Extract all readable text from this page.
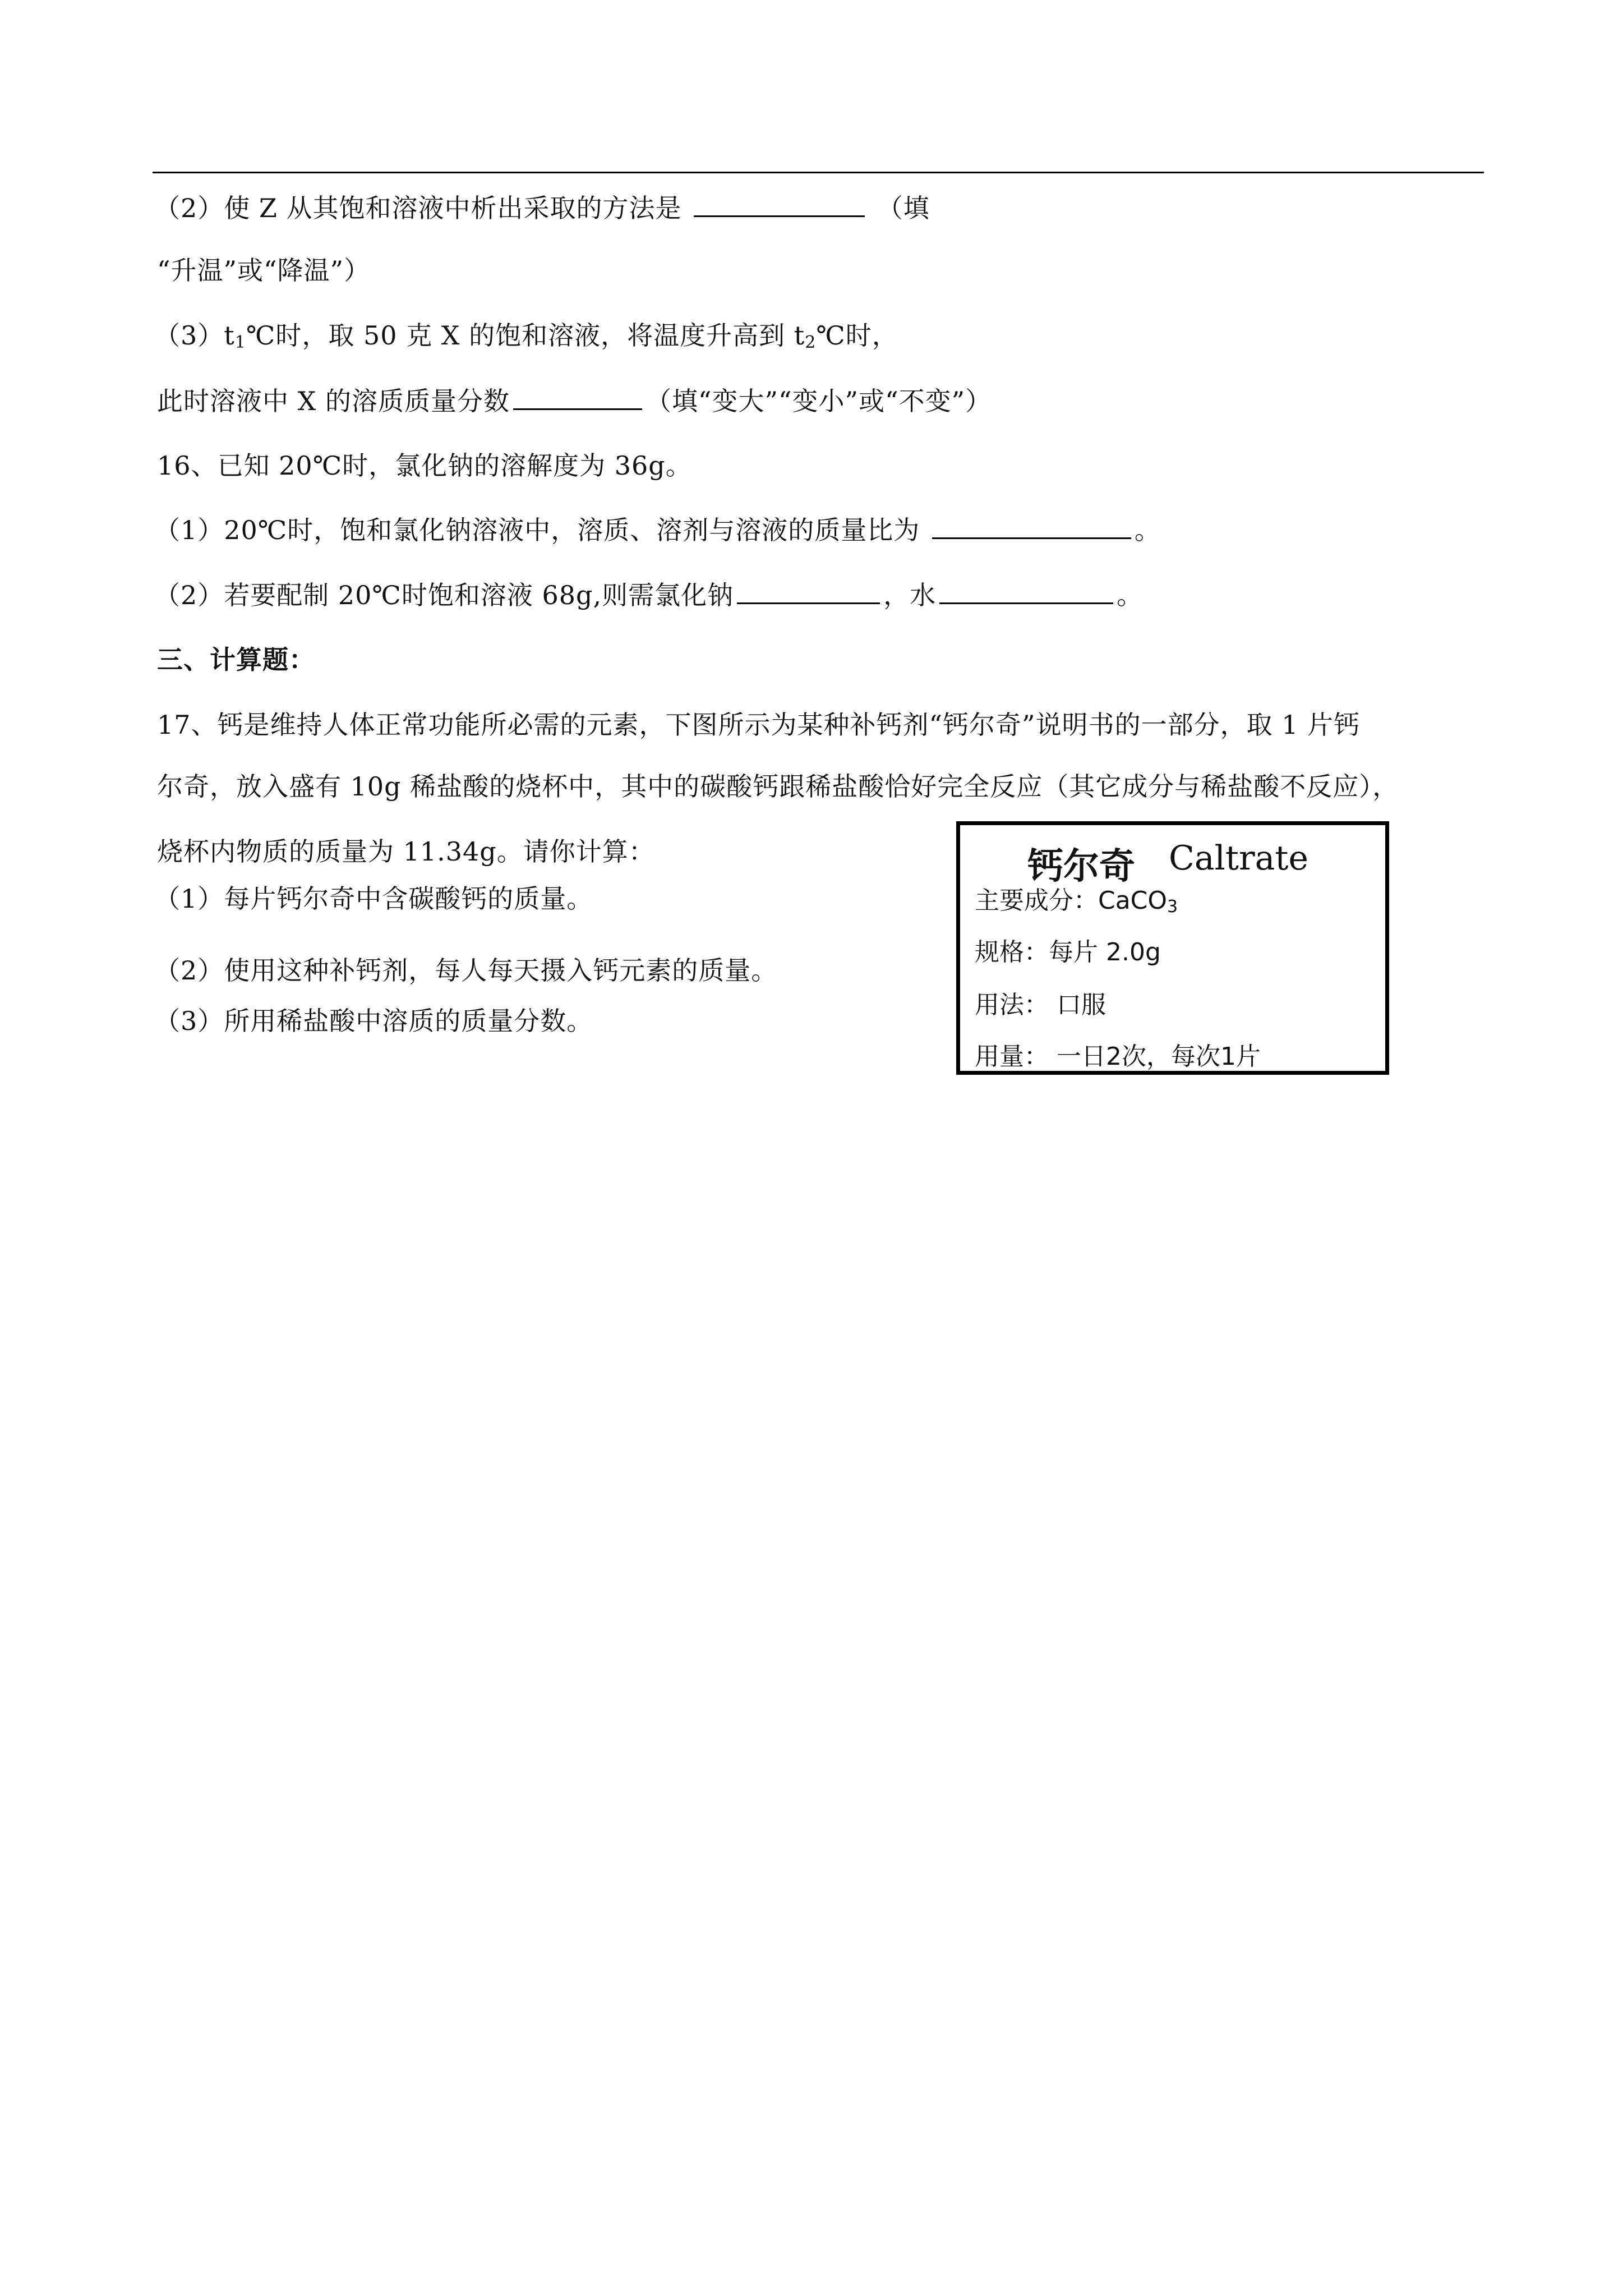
（2）使 Z 从其饱和溶液中析出采取的方法是	（填
“升温”或“降温”）
$(3)t_1℃$时，取 50 克 X 的饱和溶液，将温度升高到 $t_2℃$时，
此时溶液中 X 的溶质质量分数	（填“变大”“变小”或“不变”）
16、已知 20℃时，氯化钠的溶解度为 36g。
（1）20℃时，饱和氯化钠溶液中，溶质、溶剂与溶液的质量比为	。
（2）若要配制 20℃时饱和溶液 68g,则需氯化钠	，水	。
三、计算题：
17、钙是维持人体正常功能所必需的元素，下图所示为某种补钙剂“钙尔奇”说明书的一部分，取 1 片钙
尔奇，放入盛有 10g 稀盐酸的烧杯中，其中的碳酸钙跟稀盐酸恰好完全反应（其它成分与稀盐酸不反应），
烧杯内物质的质量为 11.34g。请你计算：
（1）每片钙尔奇中含碳酸钙的质量。
（2）使用这种补钙剂，每人每天摄入钙元素的质量。
（3）所用稀盐酸中溶质的质量分数。
钙尔奇 Caltrate
主要成分：CaCO$_3$
规格：每片 2.0g
用法： 口服
用量： 一日2次，每次1片
